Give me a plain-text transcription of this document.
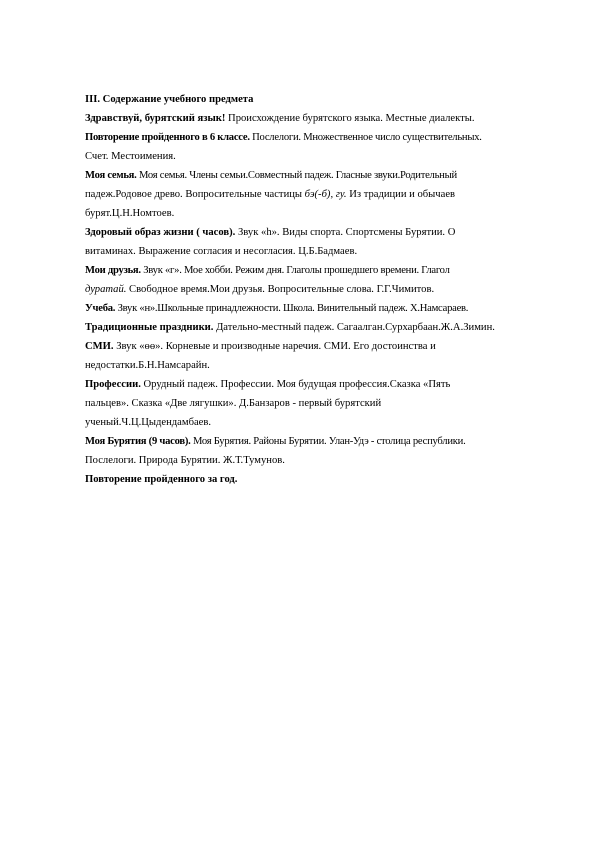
III. Содержание учебного предмета

Здравствуй, бурятский язык! Происхождение бурятского языка. Местные диалекты.

Повторение пройденного в 6 классе. Послелоги. Множественное число существительных.
Счет. Местоимения.

Моя семья. Моя семья. Члены семьи.Совместный падеж. Гласные звуки.Родительный
падеж.Родовое древо. Вопросительные частицы бэ(-б), гу. Из традиции и обычаев
бурят.Ц.Н.Номтоев.

Здоровый образ жизни ( часов). Звук «һ». Виды спорта. Спортсмены Бурятии. О
витаминах. Выражение согласия и несогласия. Ц.Б.Бадмаев.

Мои друзья. Звук «г». Мое хобби. Режим дня. Глаголы прошедшего времени. Глагол
дуратай. Свободное время.Мои друзья. Вопросительные слова. Г.Г.Чимитов.

Учеба. Звук «н».Школьные принадлежности. Школа. Винительный падеж. Х.Намсараев.

Традиционные праздники. Дательно-местный падеж. Сагаалган.Сурхарбаан.Ж.А.Зимин.

СМИ. Звук «өө». Корневые и производные наречия. СМИ. Его достоинства и
недостатки.Б.Н.Намсарайн.

Профессии. Орудный падеж. Профессии. Моя будущая профессия.Сказка «Пять
пальцев». Сказка «Две лягушки». Д.Банзаров - первый бурятский
ученый.Ч.Ц.Цыдендамбаев.

Моя Бурятия (9 часов). Моя Бурятия. Районы Бурятии. Улан-Удэ - столица республики.
Послелоги. Природа Бурятии. Ж.Т.Тумунов.

Повторение пройденного за год.
